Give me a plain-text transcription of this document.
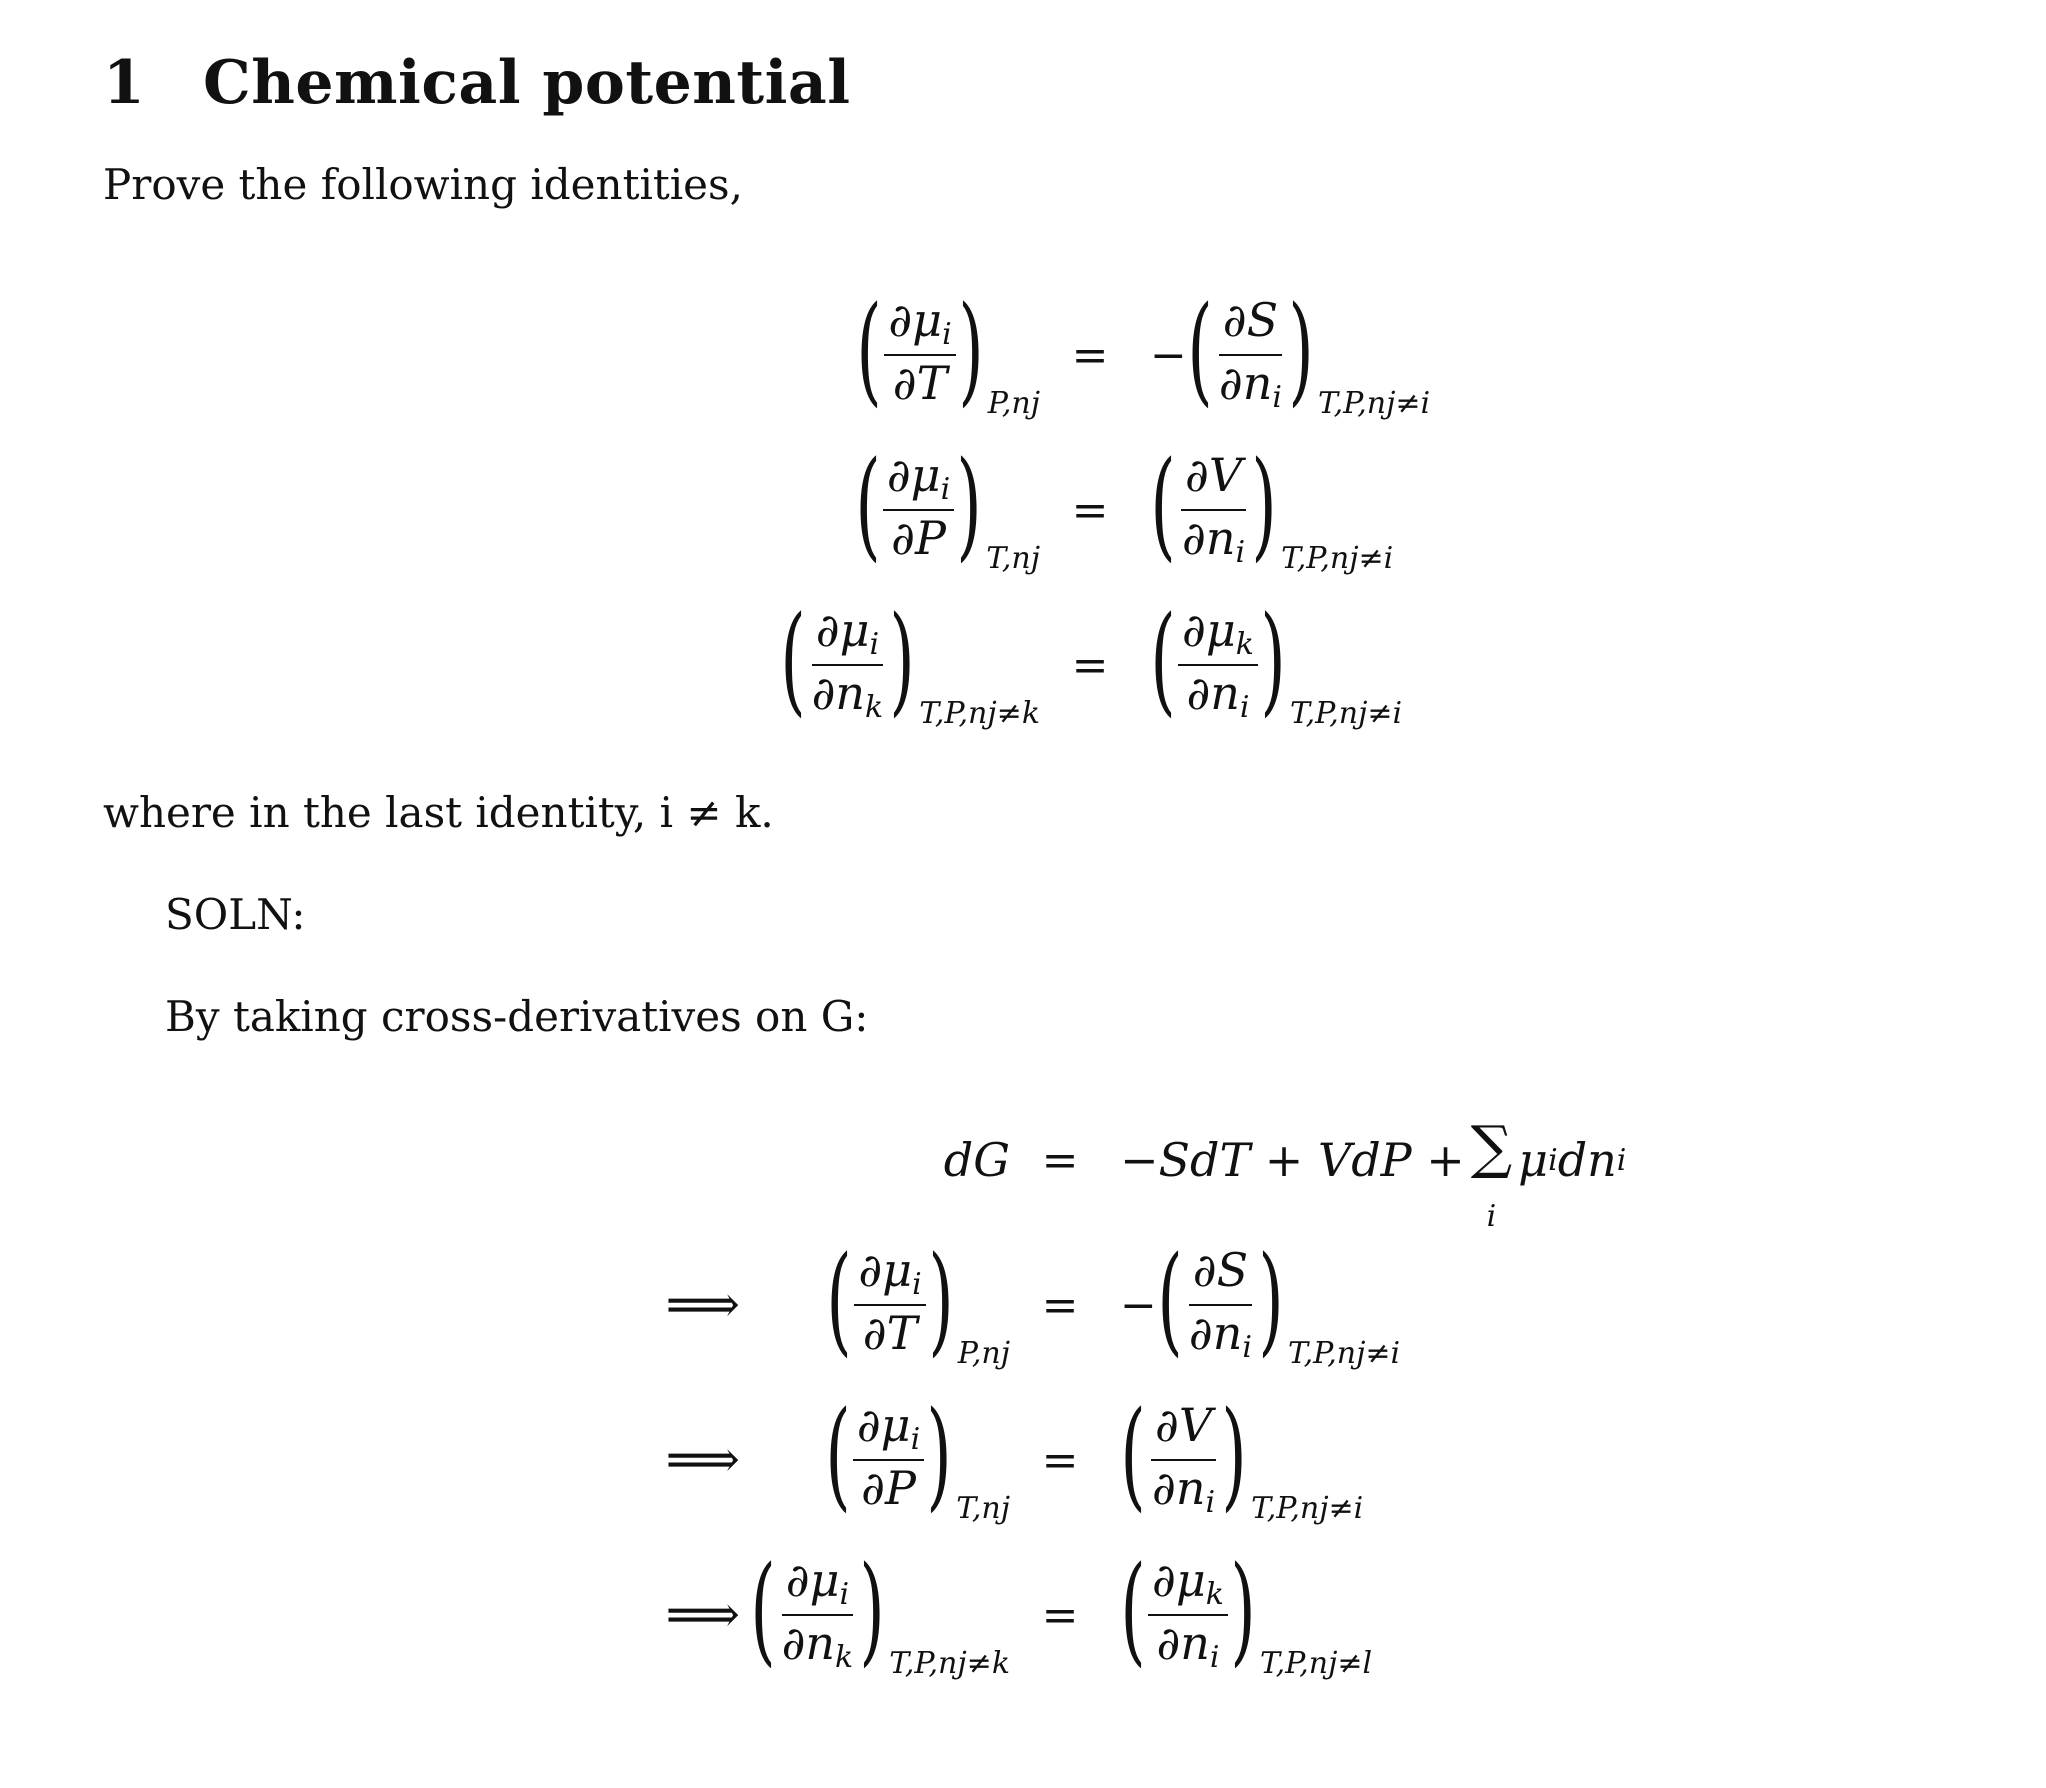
1 Chemical potential
Prove the following identities,
(
$\frac{\partial\mu i}{\partial T}$
) P,nj
= − (
$\frac{\partial S}{\partial ni}$
) T,P,nj≠i
(
$\frac{\partial\mu i}{\partial P}$
) T,nj
= (
$\frac{\partial V}{\partial ni}$
) T,P,nj≠i
(
$\frac{\partial\mu i}{\partial nk}$
) T,P,nj≠k
= (
$\frac{\partial\mu k}{\partial ni}$
) T,P,nj≠i
where in the last identity, i ≠ k.
SOLN:
By taking cross-derivatives on G:
dG = −SdT + VdP + ∑
i
μ i dn i
⟹ (
$\frac{\partial\mu i}{\partial T}$
) P,nj
= − (
$\frac{\partial S}{\partial ni}$
) T,P,nj≠i
⟹ (
$\frac{\partial\mu i}{\partial P}$
) T,nj
= (
$\frac{\partial V}{\partial ni}$
) T,P,nj≠i
⟹ (
$\frac{\partial\mu i}{\partial nk}$
) T,P,nj≠k
= (
$\frac{\partial\mu k}{\partial ni}$
) T,P,nj≠l
